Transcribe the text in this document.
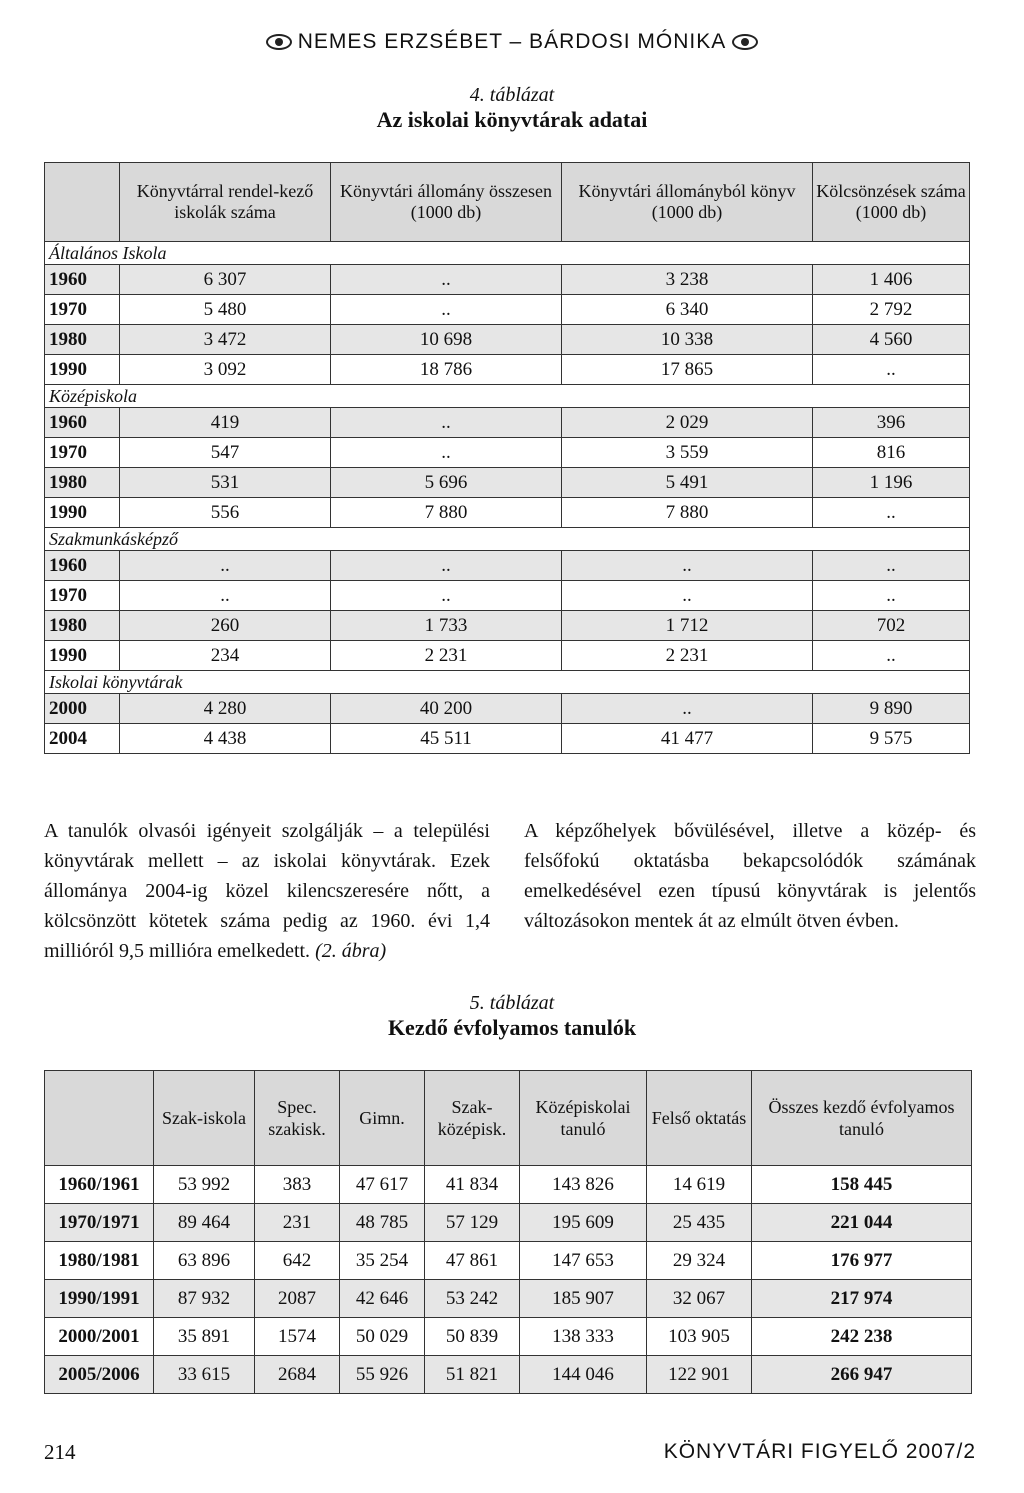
NEMES ERZSÉBET – BÁRDOSI MÓNIKA
4. táblázat
Az iskolai könyvtárak adatai
	Könyvtárral rendel-kező iskolák száma	Könyvtári állomány összesen (1000 db)	Könyvtári állományból könyv (1000 db)	Kölcsönzések száma (1000 db)
Általános Iskola				
1960	6 307	..	3 238	1 406
1970	5 480	..	6 340	2 792
1980	3 472	10 698	10 338	4 560
1990	3 092	18 786	17 865	..
Középiskola				
1960	419	..	2 029	396
1970	547	..	3 559	816
1980	531	5 696	5 491	1 196
1990	556	7 880	7 880	..
Szakmunkásképző				
1960	..	..	..	..
1970	..	..	..	..
1980	260	1 733	1 712	702
1990	234	2 231	2 231	..
Iskolai könyvtárak				
2000	4 280	40 200	..	9 890
2004	4 438	45 511	41 477	9 575
A tanulók olvasói igényeit szolgálják – a települési könyvtárak mellett – az iskolai könyvtárak. Ezek állománya 2004-ig közel kilencszeresére nőtt, a kölcsönzött kötetek száma pedig az 1960. évi 1,4 millióról 9,5 millióra emelkedett. (2. ábra)
A képzőhelyek bővülésével, illetve a közép- és felsőfokú oktatásba bekapcsolódók számának emelkedésével ezen típusú könyvtárak is jelentős változásokon mentek át az elmúlt ötven évben.
5. táblázat
Kezdő évfolyamos tanulók
	Szak-iskola	Spec. szakisk.	Gimn.	Szak-középisk.	Középiskolai tanuló	Felső oktatás	Összes kezdő évfolyamos tanuló
1960/1961	53 992	383	47 617	41 834	143 826	14 619	158 445
1970/1971	89 464	231	48 785	57 129	195 609	25 435	221 044
1980/1981	63 896	642	35 254	47 861	147 653	29 324	176 977
1990/1991	87 932	2087	42 646	53 242	185 907	32 067	217 974
2000/2001	35 891	1574	50 029	50 839	138 333	103 905	242 238
2005/2006	33 615	2684	55 926	51 821	144 046	122 901	266 947
214	KÖNYVTÁRI FIGYELŐ 2007/2
